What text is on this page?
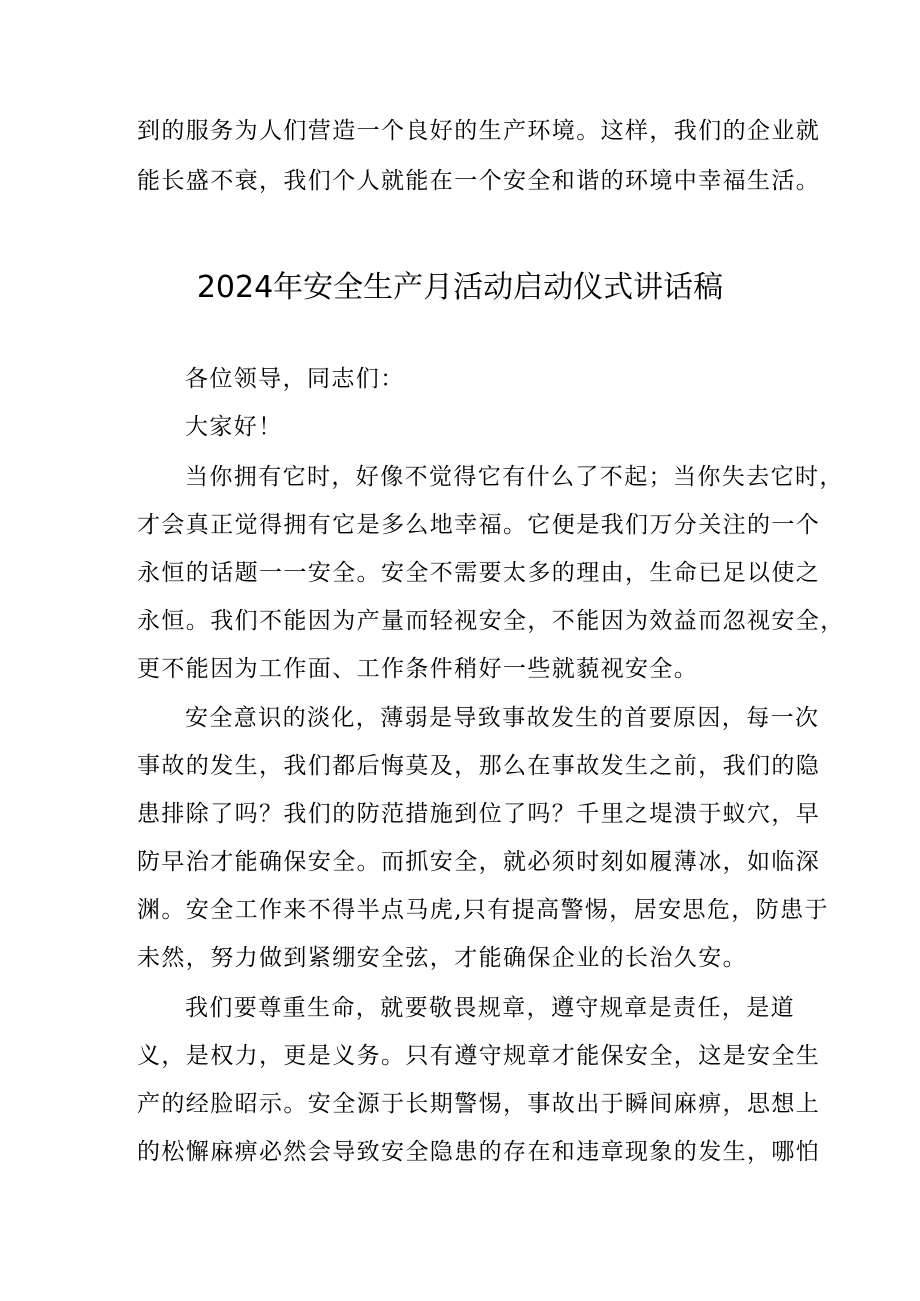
到的服务为人们营造一个良好的生产环境。这样，我们的企业就
能长盛不衰，我们个人就能在一个安全和谐的环境中幸福生活。
2024年安全生产月活动启动仪式讲话稿
各位领导，同志们：
大家好！
当你拥有它时，好像不觉得它有什么了不起；当你失去它时，
才会真正觉得拥有它是多么地幸福。它便是我们万分关注的一个
永恒的话题一一安全。安全不需要太多的理由，生命已足以使之
永恒。我们不能因为产量而轻视安全，不能因为效益而忽视安全，
更不能因为工作面、工作条件稍好一些就藐视安全。
安全意识的淡化，薄弱是导致事故发生的首要原因，每一次
事故的发生，我们都后悔莫及，那么在事故发生之前，我们的隐
患排除了吗？我们的防范措施到位了吗？千里之堤溃于蚁穴，早
防早治才能确保安全。而抓安全，就必须时刻如履薄冰，如临深
渊。安全工作来不得半点马虎,只有提高警惕，居安思危，防患于
未然，努力做到紧绷安全弦，才能确保企业的长治久安。
我们要尊重生命，就要敬畏规章，遵守规章是责任，是道
义，是权力，更是义务。只有遵守规章才能保安全，这是安全生
产的经脸昭示。安全源于长期警惕，事故出于瞬间麻痹，思想上
的松懈麻痹必然会导致安全隐患的存在和违章现象的发生，哪怕
